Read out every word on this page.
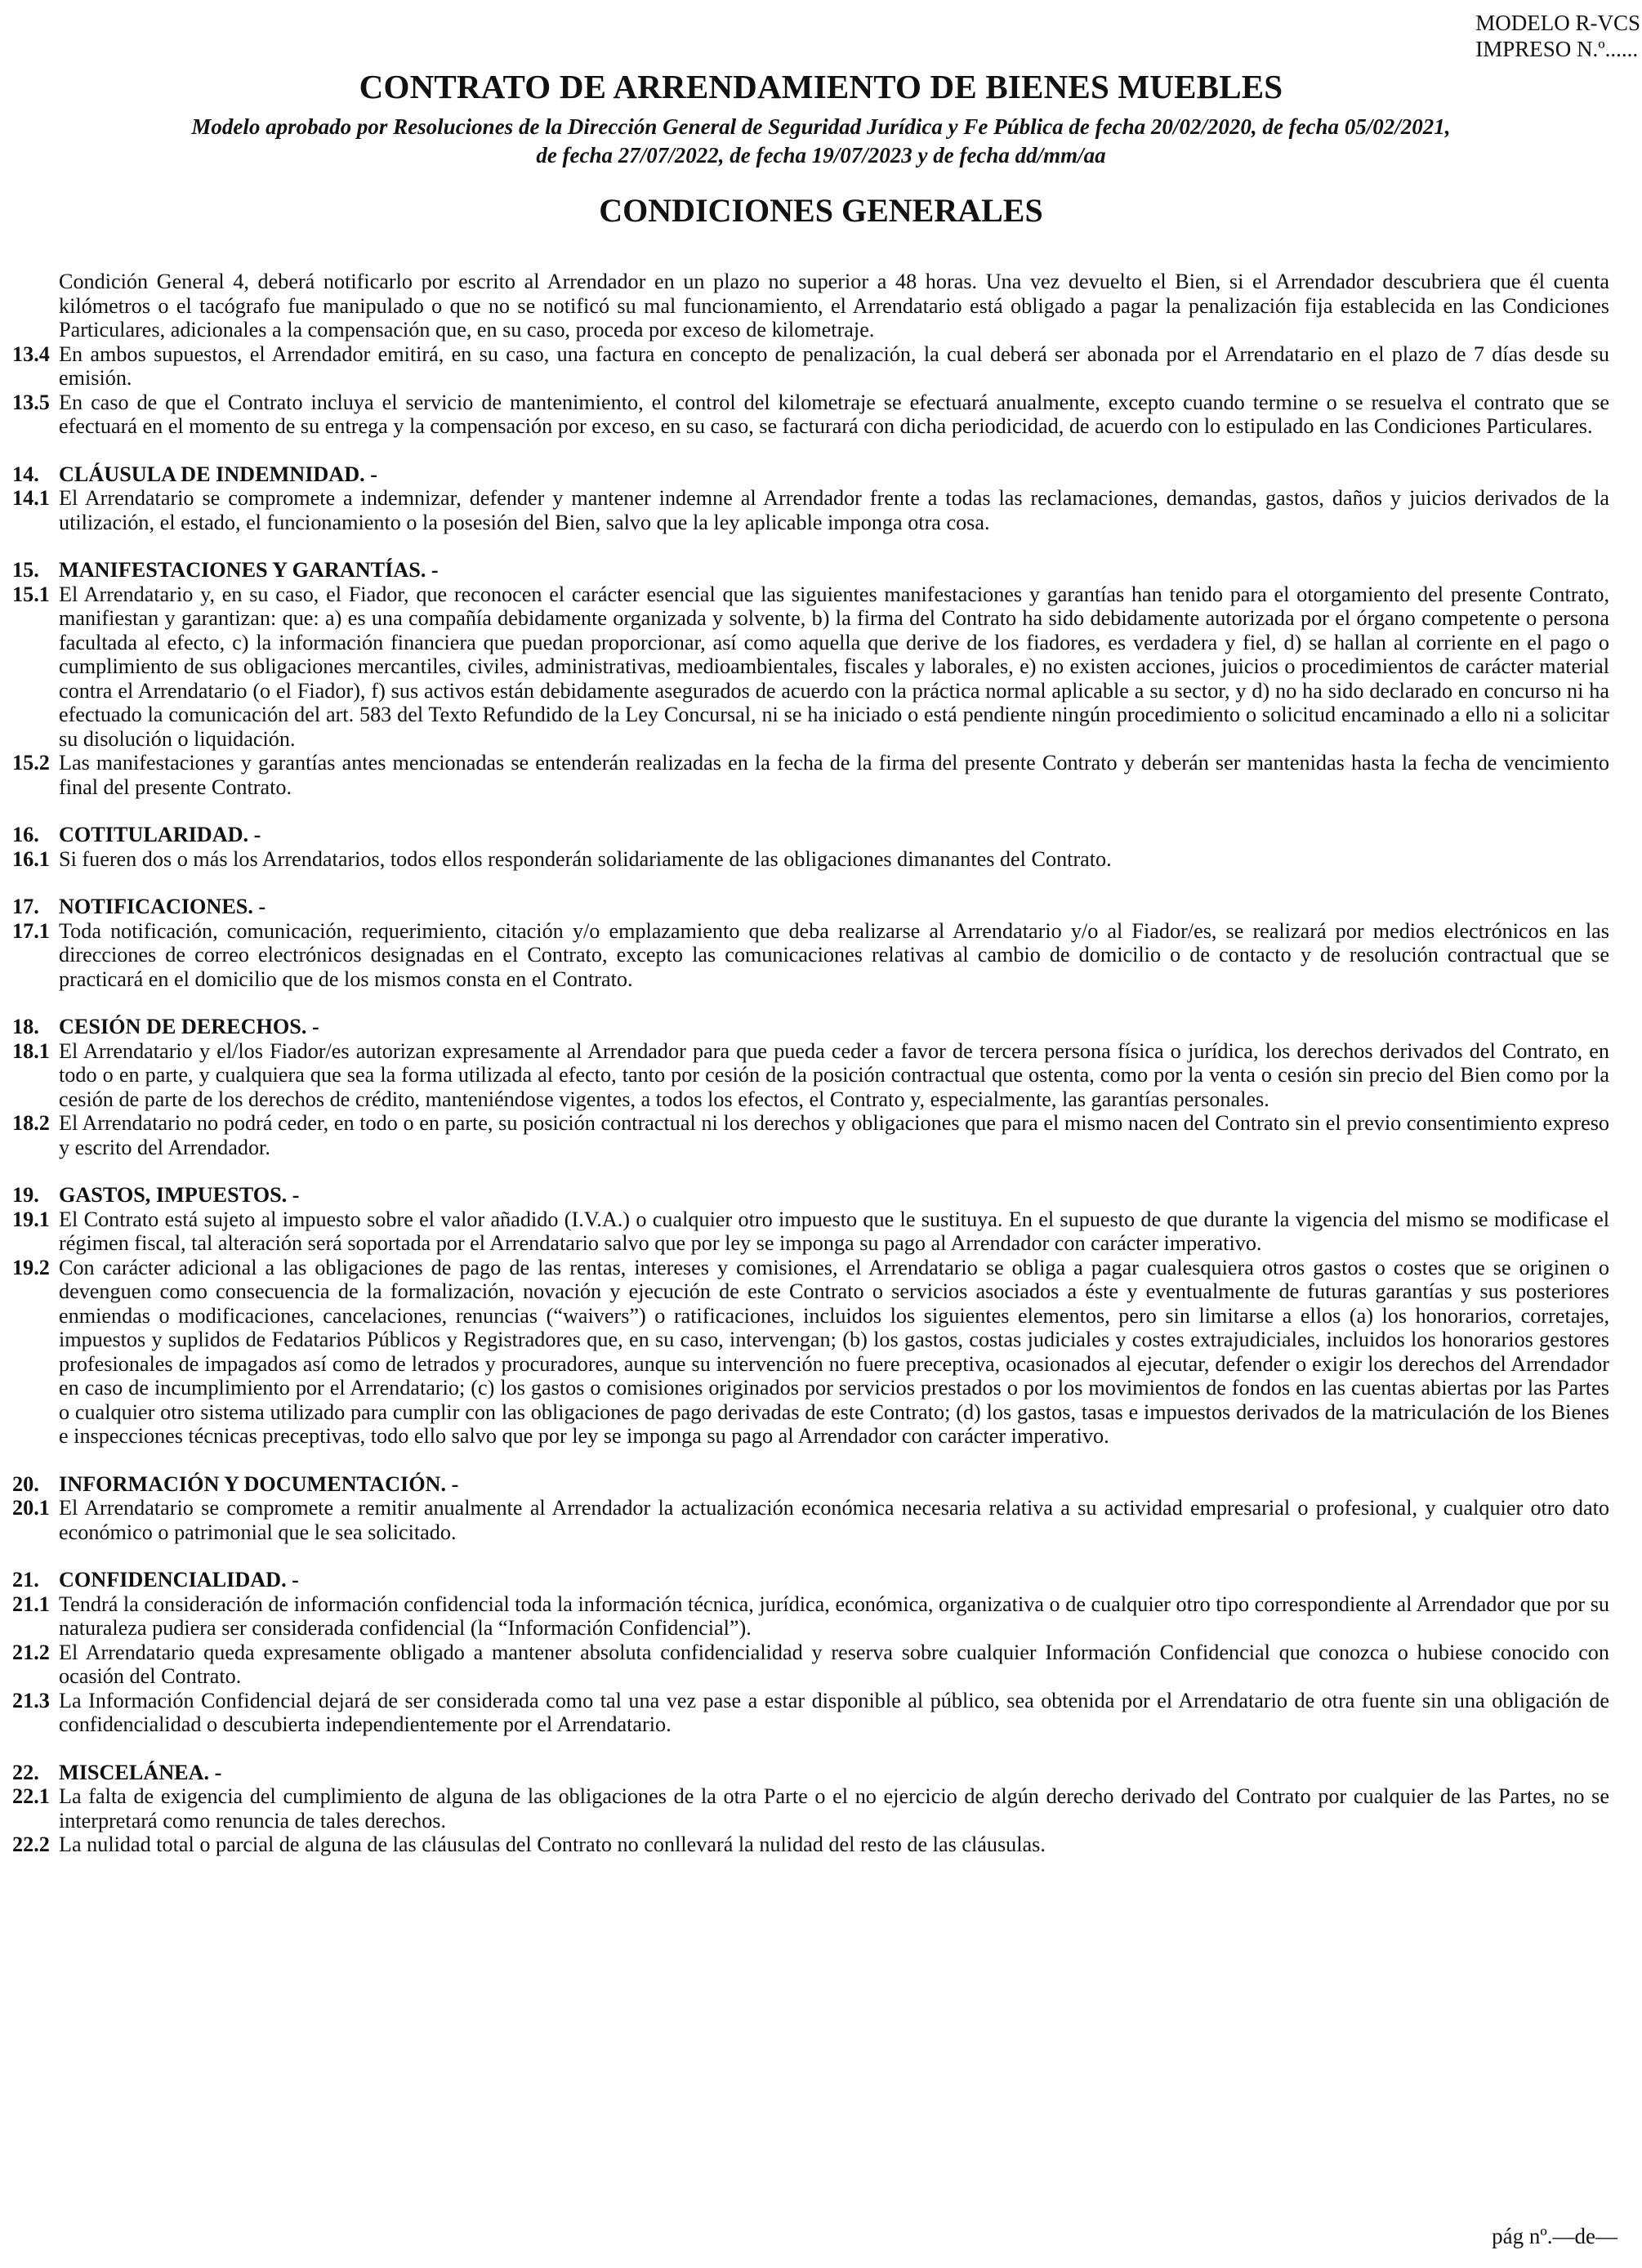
MODELO R-VCS
IMPRESO N.º......
CONTRATO DE ARRENDAMIENTO DE BIENES MUEBLES
Modelo aprobado por Resoluciones de la Dirección General de Seguridad Jurídica y Fe Pública de fecha 20/02/2020, de fecha 05/02/2021,
de fecha 27/07/2022, de fecha 19/07/2023 y de fecha dd/mm/aa
CONDICIONES GENERALES
Condición General 4, deberá notificarlo por escrito al Arrendador en un plazo no superior a 48 horas. Una vez devuelto el Bien, si el Arrendador descubriera que él cuenta kilómetros o el tacógrafo fue manipulado o que no se notificó su mal funcionamiento, el Arrendatario está obligado a pagar la penalización fija establecida en las Condiciones Particulares, adicionales a la compensación que, en su caso, proceda por exceso de kilometraje.
13.4 En ambos supuestos, el Arrendador emitirá, en su caso, una factura en concepto de penalización, la cual deberá ser abonada por el Arrendatario en el plazo de 7 días desde su emisión.
13.5 En caso de que el Contrato incluya el servicio de mantenimiento, el control del kilometraje se efectuará anualmente, excepto cuando termine o se resuelva el contrato que se efectuará en el momento de su entrega y la compensación por exceso, en su caso, se facturará con dicha periodicidad, de acuerdo con lo estipulado en las Condiciones Particulares.
14. CLÁUSULA DE INDEMNIDAD. -
14.1 El Arrendatario se compromete a indemnizar, defender y mantener indemne al Arrendador frente a todas las reclamaciones, demandas, gastos, daños y juicios derivados de la utilización, el estado, el funcionamiento o la posesión del Bien, salvo que la ley aplicable imponga otra cosa.
15. MANIFESTACIONES Y GARANTÍAS. -
15.1 El Arrendatario y, en su caso, el Fiador, que reconocen el carácter esencial que las siguientes manifestaciones y garantías han tenido para el otorgamiento del presente Contrato, manifiestan y garantizan: que: a) es una compañía debidamente organizada y solvente, b) la firma del Contrato ha sido debidamente autorizada por el órgano competente o persona facultada al efecto, c) la información financiera que puedan proporcionar, así como aquella que derive de los fiadores, es verdadera y fiel, d) se hallan al corriente en el pago o cumplimiento de sus obligaciones mercantiles, civiles, administrativas, medioambientales, fiscales y laborales, e) no existen acciones, juicios o procedimientos de carácter material contra el Arrendatario (o el Fiador), f) sus activos están debidamente asegurados de acuerdo con la práctica normal aplicable a su sector, y d) no ha sido declarado en concurso ni ha efectuado la comunicación del art. 583 del Texto Refundido de la Ley Concursal, ni se ha iniciado o está pendiente ningún procedimiento o solicitud encaminado a ello ni a solicitar su disolución o liquidación.
15.2 Las manifestaciones y garantías antes mencionadas se entenderán realizadas en la fecha de la firma del presente Contrato y deberán ser mantenidas hasta la fecha de vencimiento final del presente Contrato.
16. COTITULARIDAD. -
16.1 Si fueren dos o más los Arrendatarios, todos ellos responderán solidariamente de las obligaciones dimanantes del Contrato.
17. NOTIFICACIONES. -
17.1 Toda notificación, comunicación, requerimiento, citación y/o emplazamiento que deba realizarse al Arrendatario y/o al Fiador/es, se realizará por medios electrónicos en las direcciones de correo electrónicos designadas en el Contrato, excepto las comunicaciones relativas al cambio de domicilio o de contacto y de resolución contractual que se practicará en el domicilio que de los mismos consta en el Contrato.
18. CESIÓN DE DERECHOS. -
18.1 El Arrendatario y el/los Fiador/es autorizan expresamente al Arrendador para que pueda ceder a favor de tercera persona física o jurídica, los derechos derivados del Contrato, en todo o en parte, y cualquiera que sea la forma utilizada al efecto, tanto por cesión de la posición contractual que ostenta, como por la venta o cesión sin precio del Bien como por la cesión de parte de los derechos de crédito, manteniéndose vigentes, a todos los efectos, el Contrato y, especialmente, las garantías personales.
18.2 El Arrendatario no podrá ceder, en todo o en parte, su posición contractual ni los derechos y obligaciones que para el mismo nacen del Contrato sin el previo consentimiento expreso y escrito del Arrendador.
19. GASTOS, IMPUESTOS. -
19.1 El Contrato está sujeto al impuesto sobre el valor añadido (I.V.A.) o cualquier otro impuesto que le sustituya. En el supuesto de que durante la vigencia del mismo se modificase el régimen fiscal, tal alteración será soportada por el Arrendatario salvo que por ley se imponga su pago al Arrendador con carácter imperativo.
19.2 Con carácter adicional a las obligaciones de pago de las rentas, intereses y comisiones, el Arrendatario se obliga a pagar cualesquiera otros gastos o costes que se originen o devenguen como consecuencia de la formalización, novación y ejecución de este Contrato o servicios asociados a éste y eventualmente de futuras garantías y sus posteriores enmiendas o modificaciones, cancelaciones, renuncias (“waivers”) o ratificaciones, incluidos los siguientes elementos, pero sin limitarse a ellos (a) los honorarios, corretajes, impuestos y suplidos de Fedatarios Públicos y Registradores que, en su caso, intervengan; (b) los gastos, costas judiciales y costes extrajudiciales, incluidos los honorarios gestores profesionales de impagados así como de letrados y procuradores, aunque su intervención no fuere preceptiva, ocasionados al ejecutar, defender o exigir los derechos del Arrendador en caso de incumplimiento por el Arrendatario; (c) los gastos o comisiones originados por servicios prestados o por los movimientos de fondos en las cuentas abiertas por las Partes o cualquier otro sistema utilizado para cumplir con las obligaciones de pago derivadas de este Contrato; (d) los gastos, tasas e impuestos derivados de la matriculación de los Bienes e inspecciones técnicas preceptivas, todo ello salvo que por ley se imponga su pago al Arrendador con carácter imperativo.
20. INFORMACIÓN Y DOCUMENTACIÓN. -
20.1 El Arrendatario se compromete a remitir anualmente al Arrendador la actualización económica necesaria relativa a su actividad empresarial o profesional, y cualquier otro dato económico o patrimonial que le sea solicitado.
21. CONFIDENCIALIDAD. -
21.1 Tendrá la consideración de información confidencial toda la información técnica, jurídica, económica, organizativa o de cualquier otro tipo correspondiente al Arrendador que por su naturaleza pudiera ser considerada confidencial (la “Información Confidencial”).
21.2 El Arrendatario queda expresamente obligado a mantener absoluta confidencialidad y reserva sobre cualquier Información Confidencial que conozca o hubiese conocido con ocasión del Contrato.
21.3 La Información Confidencial dejará de ser considerada como tal una vez pase a estar disponible al público, sea obtenida por el Arrendatario de otra fuente sin una obligación de confidencialidad o descubierta independientemente por el Arrendatario.
22. MISCELÁNEA. -
22.1 La falta de exigencia del cumplimiento de alguna de las obligaciones de la otra Parte o el no ejercicio de algún derecho derivado del Contrato por cualquier de las Partes, no se interpretará como renuncia de tales derechos.
22.2 La nulidad total o parcial de alguna de las cláusulas del Contrato no conllevará la nulidad del resto de las cláusulas.
pág nº.—de—
